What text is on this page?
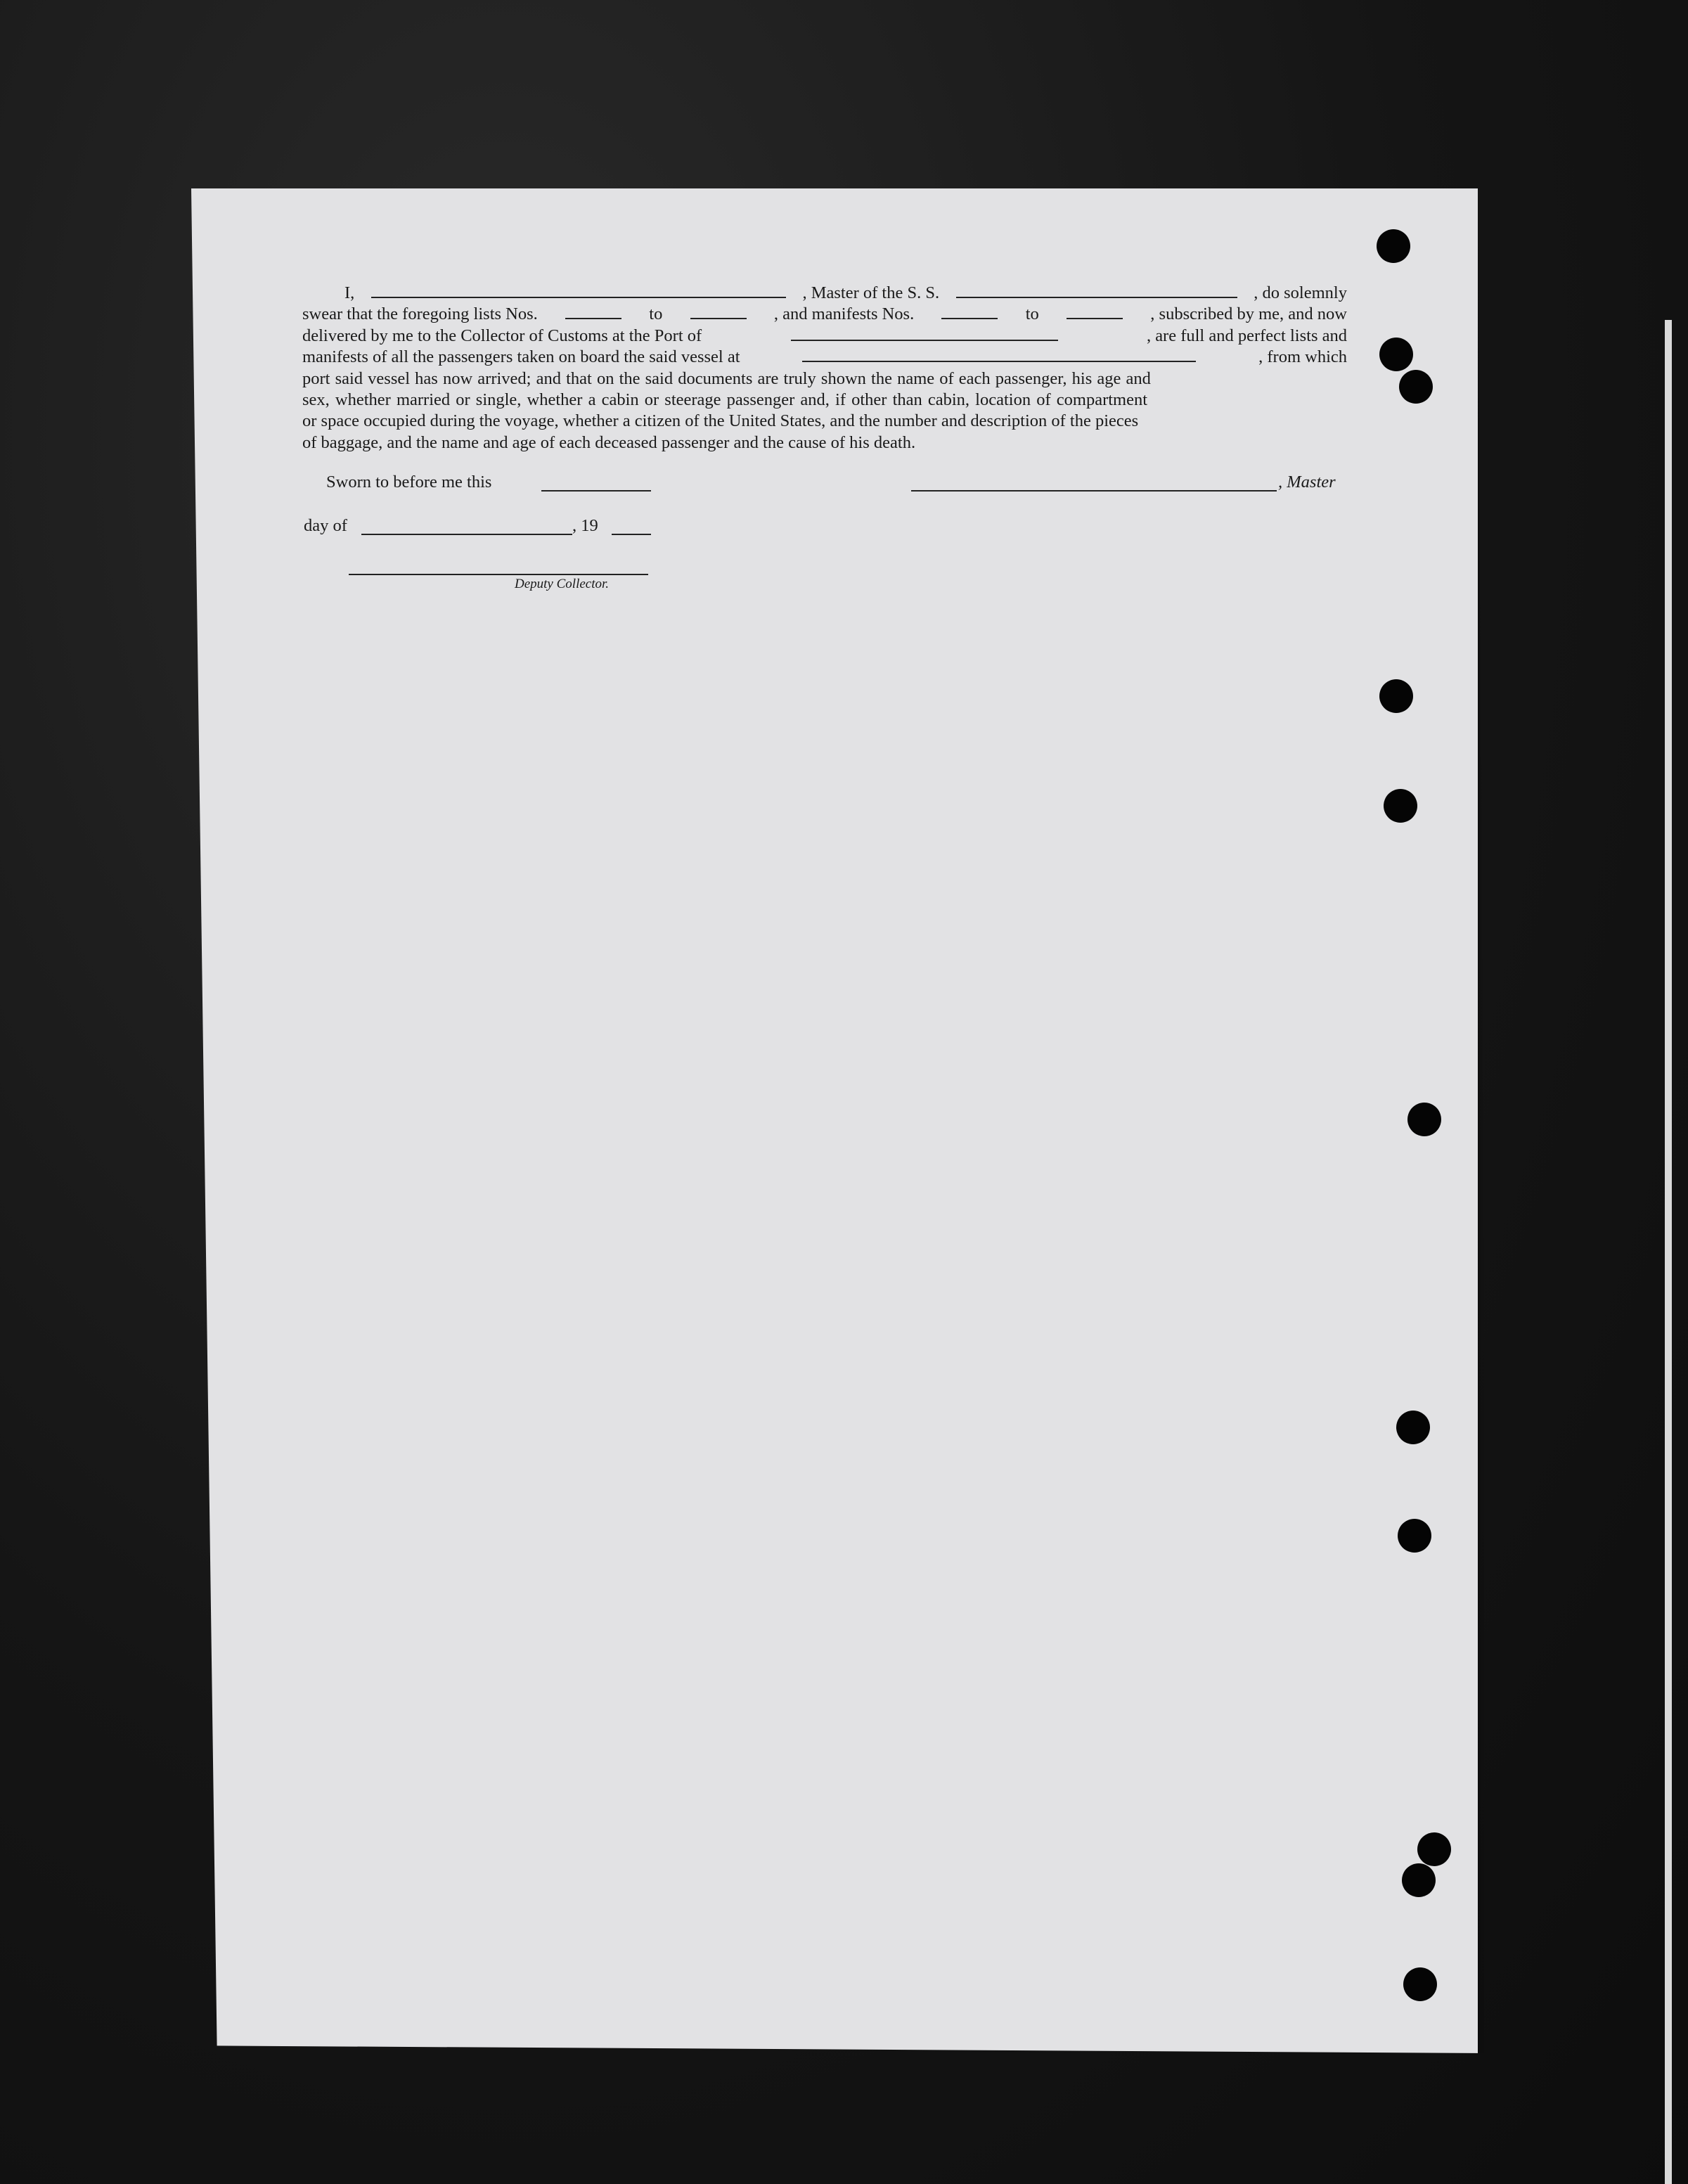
I,	, Master of the S. S.	, do solemnly
swear that the foregoing lists Nos.	to	, and manifests Nos.	to	, subscribed by me, and now
delivered by me to the Collector of Customs at the Port of	, are full and perfect lists and
manifests of all the passengers taken on board the said vessel at	, from which
port said vessel has now arrived; and that on the said documents are truly shown the name of each passenger, his age and
sex, whether married or single, whether a cabin or steerage passenger and, if other than cabin, location of compartment
or space occupied during the voyage, whether a citizen of the United States, and the number and description of the pieces
of baggage, and the name and age of each deceased passenger and the cause of his death.
Sworn to before me this	, Master
day of	, 19
Deputy Collector.
